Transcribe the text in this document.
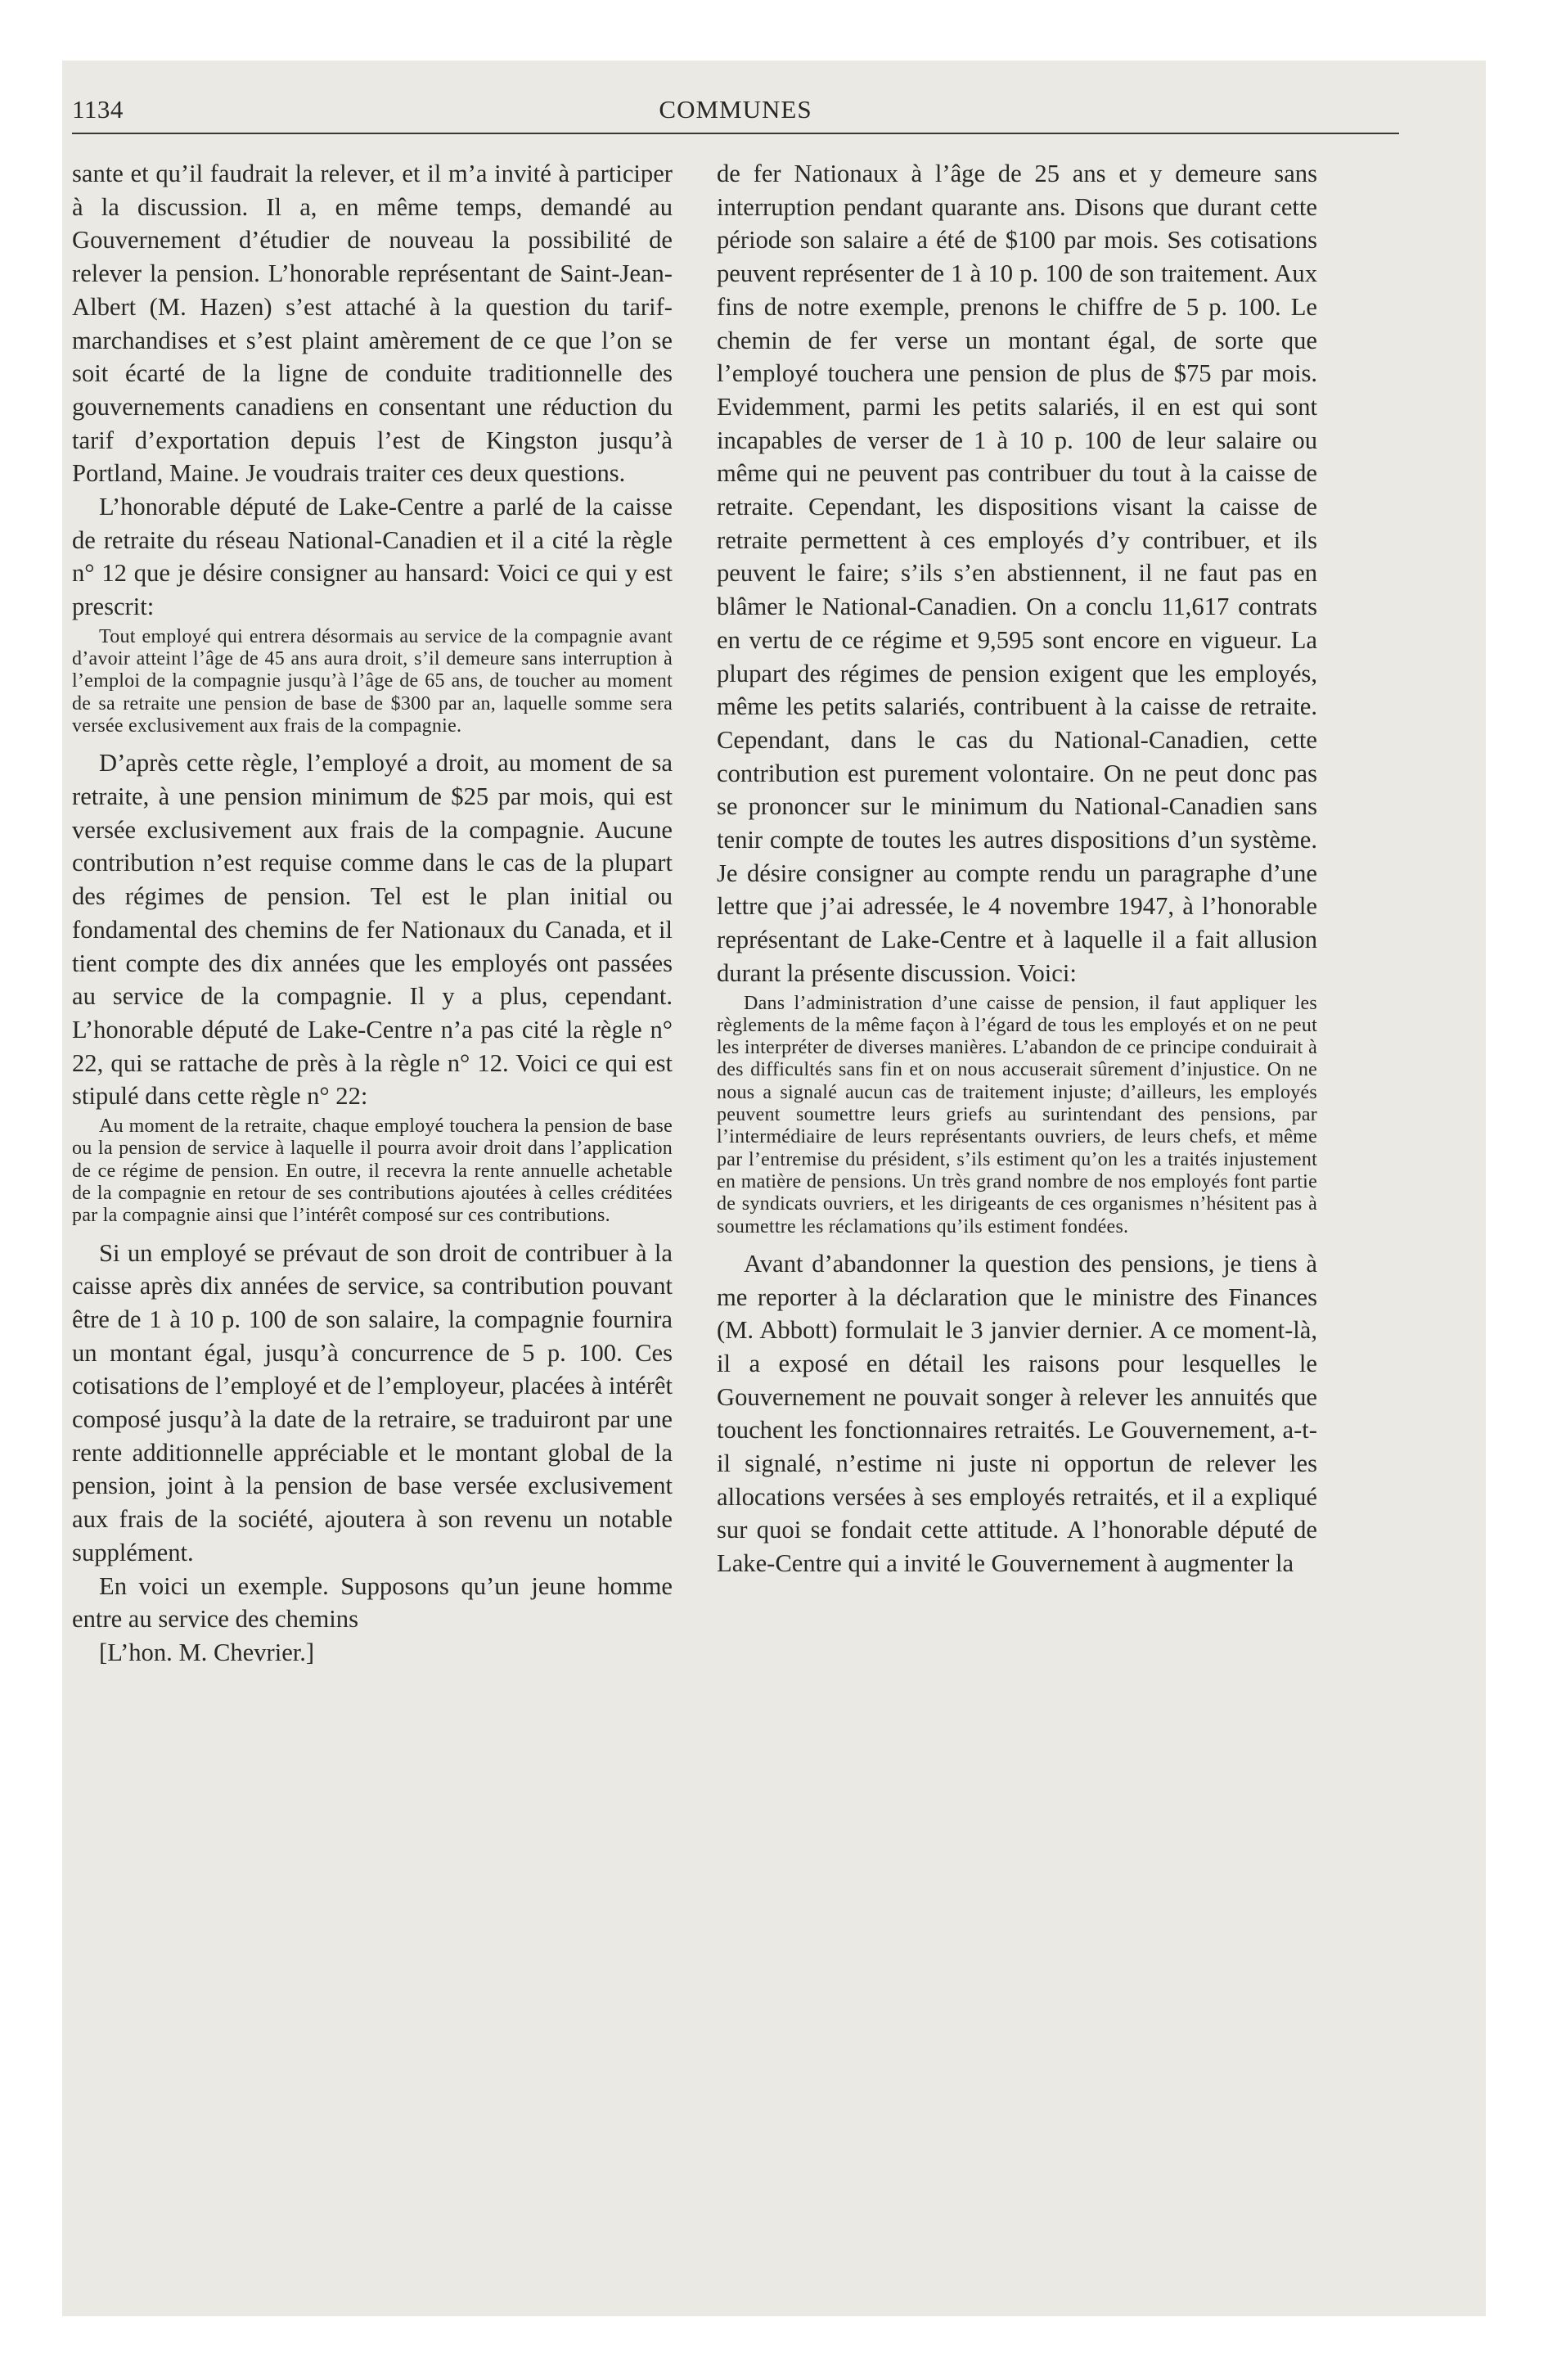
1134	COMMUNES

sante et qu’il faudrait la relever, et il m’a invité à participer à la discussion. Il a, en même temps, demandé au Gouvernement d’étudier de nouveau la possibilité de relever la pension. L’honorable représentant de Saint-Jean-Albert (M. Hazen) s’est attaché à la question du tarif-marchandises et s’est plaint amèrement de ce que l’on se soit écarté de la ligne de conduite traditionnelle des gouvernements canadiens en consentant une réduction du tarif d’exportation depuis l’est de Kingston jusqu’à Portland, Maine. Je voudrais traiter ces deux questions.

L’honorable député de Lake-Centre a parlé de la caisse de retraite du réseau National-Canadien et il a cité la règle n° 12 que je désire consigner au hansard: Voici ce qui y est prescrit:

Tout employé qui entrera désormais au service de la compagnie avant d’avoir atteint l’âge de 45 ans aura droit, s’il demeure sans interruption à l’emploi de la compagnie jusqu’à l’âge de 65 ans, de toucher au moment de sa retraite une pension de base de $300 par an, laquelle somme sera versée exclusivement aux frais de la compagnie.

D’après cette règle, l’employé a droit, au moment de sa retraite, à une pension minimum de $25 par mois, qui est versée exclusivement aux frais de la compagnie. Aucune contribution n’est requise comme dans le cas de la plupart des régimes de pension. Tel est le plan initial ou fondamental des chemins de fer Nationaux du Canada, et il tient compte des dix années que les employés ont passées au service de la compagnie. Il y a plus, cependant. L’honorable député de Lake-Centre n’a pas cité la règle n° 22, qui se rattache de près à la règle n° 12. Voici ce qui est stipulé dans cette règle n° 22:

Au moment de la retraite, chaque employé touchera la pension de base ou la pension de service à laquelle il pourra avoir droit dans l’application de ce régime de pension. En outre, il recevra la rente annuelle achetable de la compagnie en retour de ses contributions ajoutées à celles créditées par la compagnie ainsi que l’intérêt composé sur ces contributions.

Si un employé se prévaut de son droit de contribuer à la caisse après dix années de service, sa contribution pouvant être de 1 à 10 p. 100 de son salaire, la compagnie fournira un montant égal, jusqu’à concurrence de 5 p. 100. Ces cotisations de l’employé et de l’employeur, placées à intérêt composé jusqu’à la date de la retraire, se traduiront par une rente additionnelle appréciable et le montant global de la pension, joint à la pension de base versée exclusivement aux frais de la société, ajoutera à son revenu un notable supplément.

En voici un exemple. Supposons qu’un jeune homme entre au service des chemins

[L’hon. M. Chevrier.]

de fer Nationaux à l’âge de 25 ans et y demeure sans interruption pendant quarante ans. Disons que durant cette période son salaire a été de $100 par mois. Ses cotisations peuvent représenter de 1 à 10 p. 100 de son traitement. Aux fins de notre exemple, prenons le chiffre de 5 p. 100. Le chemin de fer verse un montant égal, de sorte que l’employé touchera une pension de plus de $75 par mois. Evidemment, parmi les petits salariés, il en est qui sont incapables de verser de 1 à 10 p. 100 de leur salaire ou même qui ne peuvent pas contribuer du tout à la caisse de retraite. Cependant, les dispositions visant la caisse de retraite permettent à ces employés d’y contribuer, et ils peuvent le faire; s’ils s’en abstiennent, il ne faut pas en blâmer le National-Canadien. On a conclu 11,617 contrats en vertu de ce régime et 9,595 sont encore en vigueur. La plupart des régimes de pension exigent que les employés, même les petits salariés, contribuent à la caisse de retraite. Cependant, dans le cas du National-Canadien, cette contribution est purement volontaire. On ne peut donc pas se prononcer sur le minimum du National-Canadien sans tenir compte de toutes les autres dispositions d’un système. Je désire consigner au compte rendu un paragraphe d’une lettre que j’ai adressée, le 4 novembre 1947, à l’honorable représentant de Lake-Centre et à laquelle il a fait allusion durant la présente discussion. Voici:

Dans l’administration d’une caisse de pension, il faut appliquer les règlements de la même façon à l’égard de tous les employés et on ne peut les interpréter de diverses manières. L’abandon de ce principe conduirait à des difficultés sans fin et on nous accuserait sûrement d’injustice. On ne nous a signalé aucun cas de traitement injuste; d’ailleurs, les employés peuvent soumettre leurs griefs au surintendant des pensions, par l’intermédiaire de leurs représentants ouvriers, de leurs chefs, et même par l’entremise du président, s’ils estiment qu’on les a traités injustement en matière de pensions. Un très grand nombre de nos employés font partie de syndicats ouvriers, et les dirigeants de ces organismes n’hésitent pas à soumettre les réclamations qu’ils estiment fondées.

Avant d’abandonner la question des pensions, je tiens à me reporter à la déclaration que le ministre des Finances (M. Abbott) formulait le 3 janvier dernier. A ce moment-là, il a exposé en détail les raisons pour lesquelles le Gouvernement ne pouvait songer à relever les annuités que touchent les fonctionnaires retraités. Le Gouvernement, a-t-il signalé, n’estime ni juste ni opportun de relever les allocations versées à ses employés retraités, et il a expliqué sur quoi se fondait cette attitude. A l’honorable député de Lake-Centre qui a invité le Gouvernement à augmenter la
